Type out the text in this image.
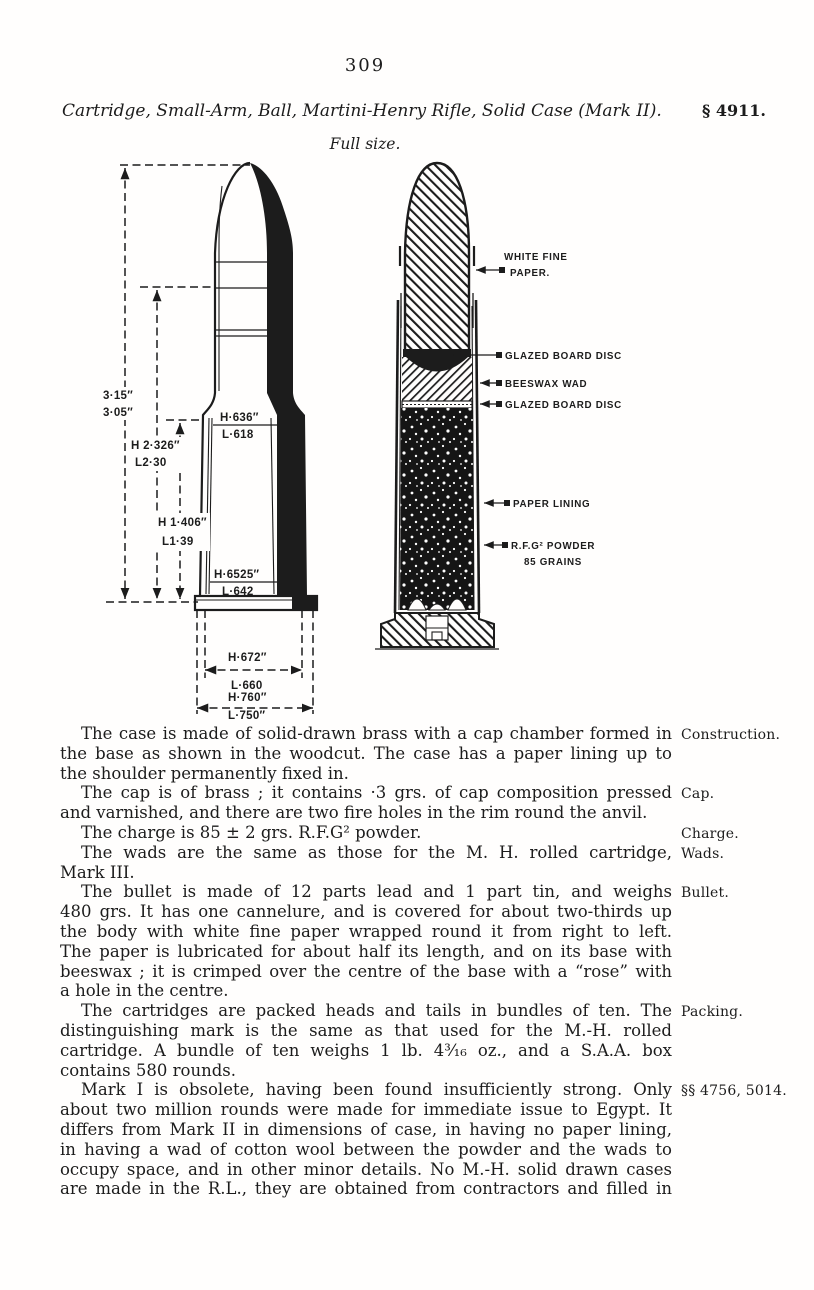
309
Cartridge, Small-Arm, Ball, Martini-Henry Rifle, Solid Case (Mark II).	§ 4911.
Full size.
H·636″
L·618
H·6525″
L·642
3·15″
3·05″
H 2·326″
L2·30
H 1·406″
L1·39
H·672″
L·660
H·760″
L·750″
WHITE FINE
PAPER.
GLAZED BOARD DISC
BEESWAX WAD
GLAZED BOARD DISC
PAPER LINING
R.F.G² POWDER
85 GRAINS
The case is made of solid-drawn brass with a cap chamber formed in
the base as shown in the woodcut. The case has a paper lining up to
the shoulder permanently fixed in.
Construction.
The cap is of brass ; it contains ·3 grs. of cap composition pressed
and varnished, and there are two fire holes in the rim round the anvil.
Cap.
The charge is 85 ± 2 grs. R.F.G² powder.	Charge.
The wads are the same as those for the M. H. rolled cartridge,
Mark III.
Wads.
The bullet is made of 12 parts lead and 1 part tin, and weighs
480 grs. It has one cannelure, and is covered for about two-thirds up
the body with white fine paper wrapped round it from right to left.
The paper is lubricated for about half its length, and on its base with
beeswax ; it is crimped over the centre of the base with a “rose” with
a hole in the centre.
Bullet.
The cartridges are packed heads and tails in bundles of ten. The
distinguishing mark is the same as that used for the M.-H. rolled
cartridge. A bundle of ten weighs 1 lb. 4³⁄₁₆ oz., and a S.A.A. box
contains 580 rounds.
Packing.
Mark I is obsolete, having been found insufficiently strong. Only
about two million rounds were made for immediate issue to Egypt. It
differs from Mark II in dimensions of case, in having no paper lining,
in having a wad of cotton wool between the powder and the wads to
occupy space, and in other minor details. No M.-H. solid drawn cases
are made in the R.L., they are obtained from contractors and filled in
§§ 4756, 5014.
